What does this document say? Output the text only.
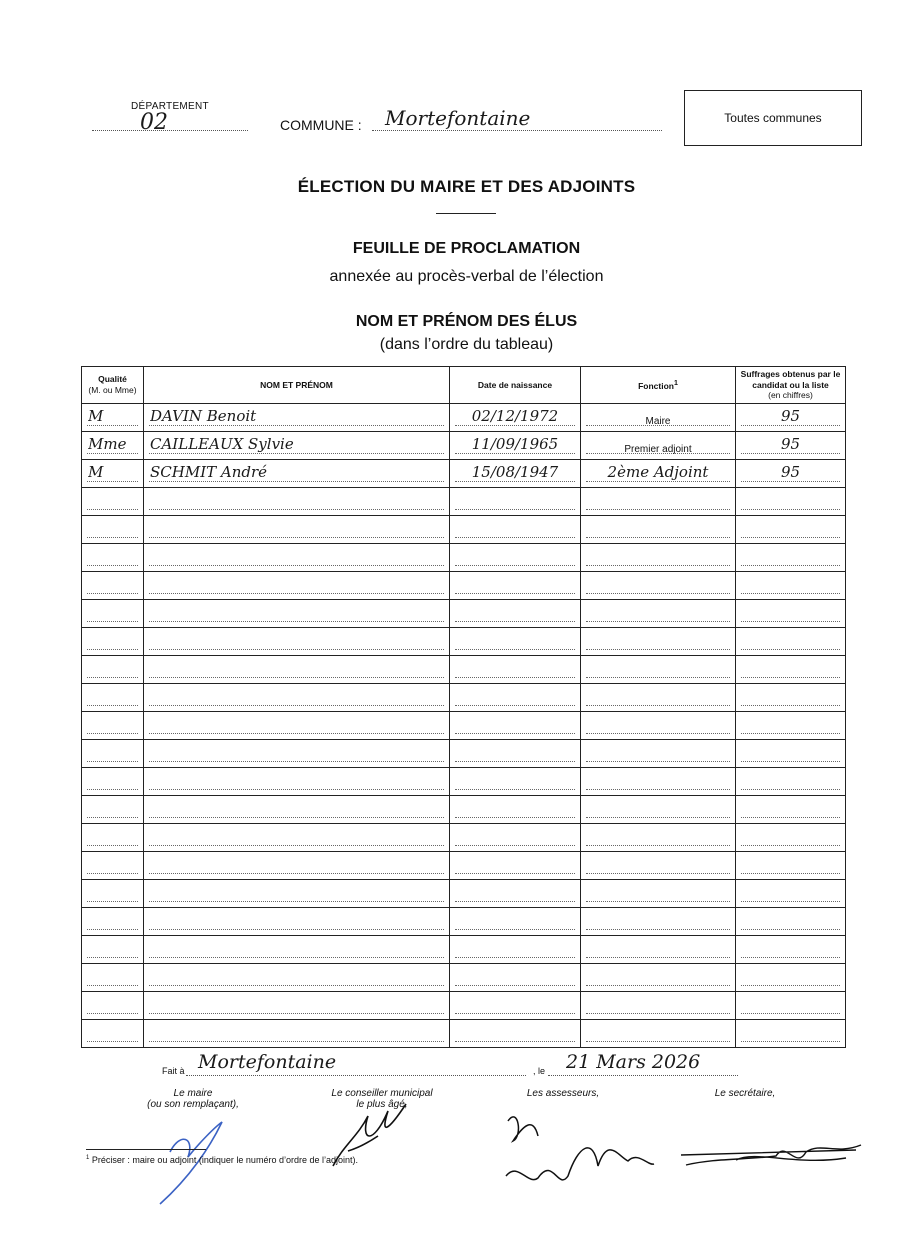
DÉPARTEMENT
02	COMMUNE : Mortefontaine	Toutes communes
ÉLECTION DU MAIRE ET DES ADJOINTS
FEUILLE DE PROCLAMATION
annexée au procès-verbal de l’élection
NOM ET PRÉNOM DES ÉLUS
(dans l’ordre du tableau)
Qualité
(M. ou Mme)	NOM ET PRÉNOM	Date de naissance	Fonction$^1$	Suffrages obtenus par le candidat ou la liste
(en chiffres)

M	DAVIN Benoit	02/12/1972	Maire	95

Mme	CAILLEAUX Sylvie	11/09/1965	Premier adjoint	95

M	SCHMIT André	15/08/1947	2ème Adjoint	95

Fait à Mortefontaine	, le 21 Mars 2026
Le maire
(ou son remplaçant),
Le conseiller municipal
le plus âgé,
Les assesseurs,	Le secrétaire,
$^1$ Préciser : maire ou adjoint (indiquer le numéro d’ordre de l’adjoint).
